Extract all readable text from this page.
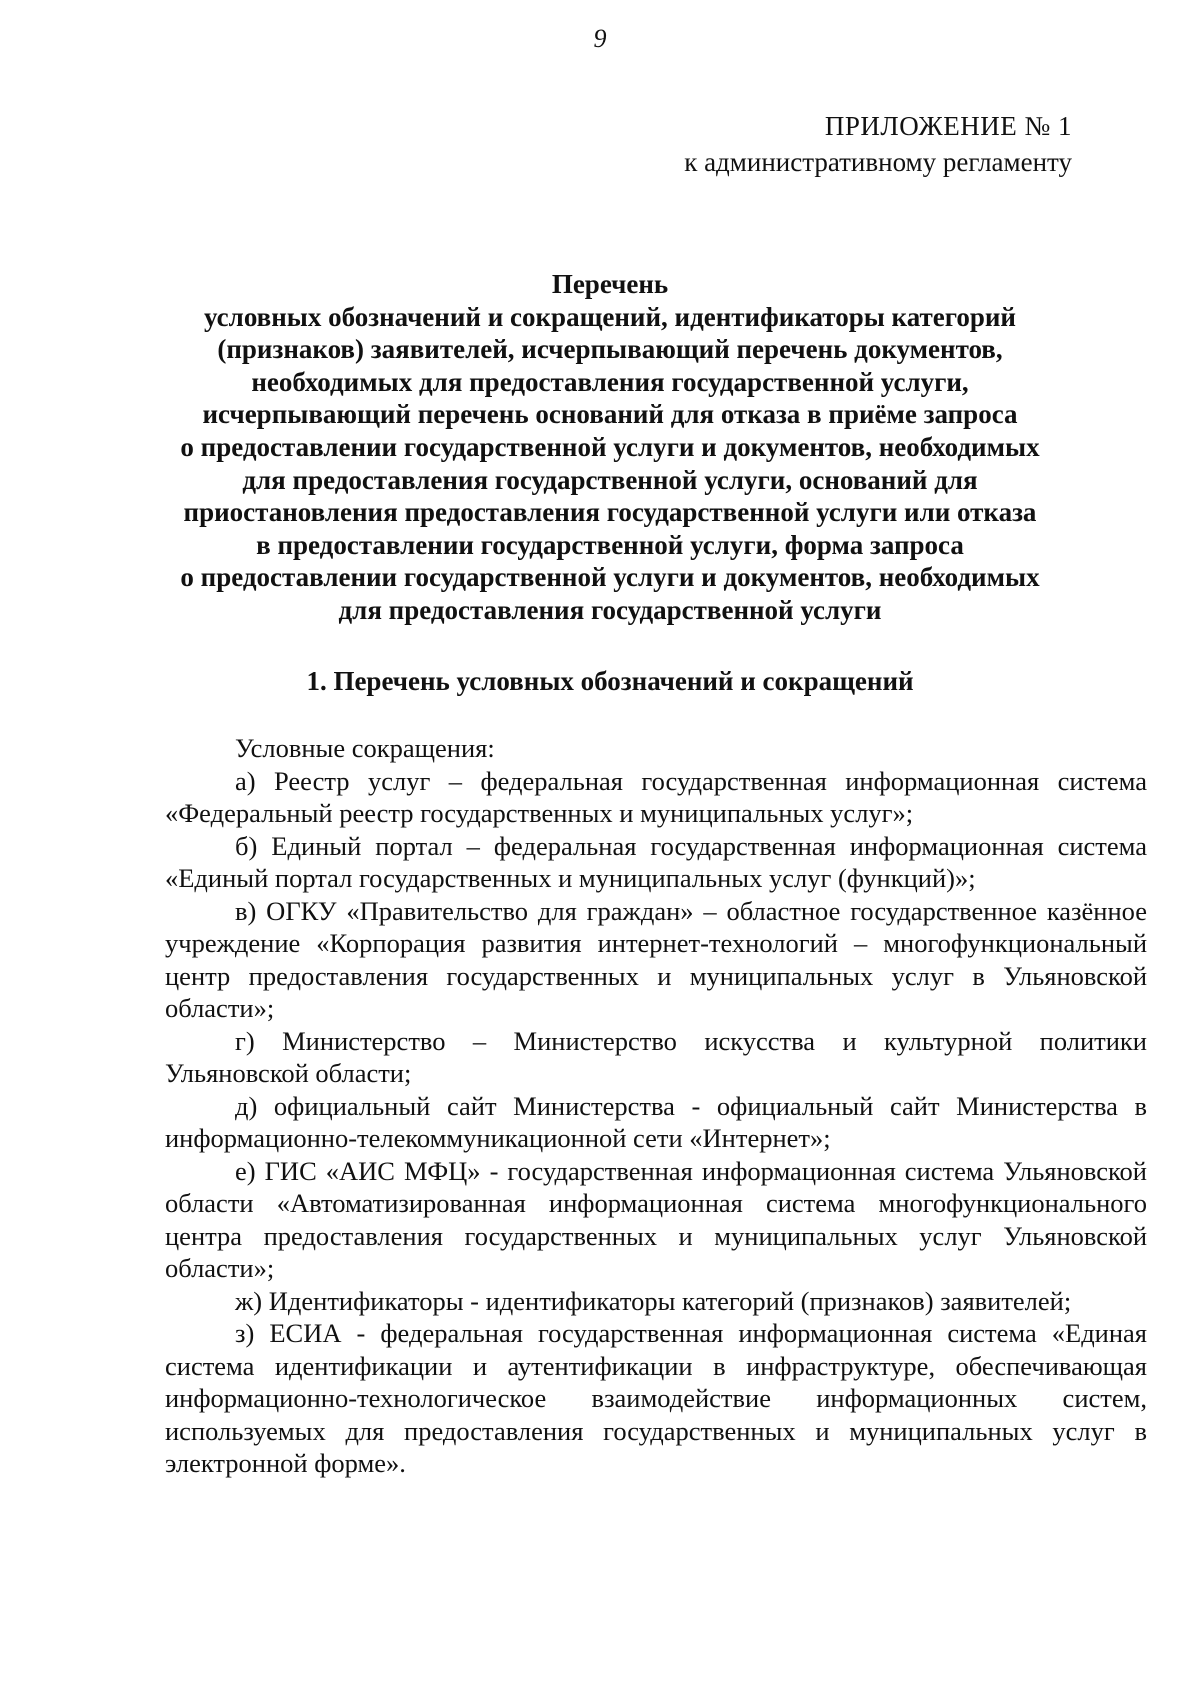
9
ПРИЛОЖЕНИЕ № 1
к административному регламенту
Перечень
условных обозначений и сокращений, идентификаторы категорий
(признаков) заявителей, исчерпывающий перечень документов,
необходимых для предоставления государственной услуги,
исчерпывающий перечень оснований для отказа в приёме запроса
о предоставлении государственной услуги и документов, необходимых
для предоставления государственной услуги, оснований для
приостановления предоставления государственной услуги или отказа
в предоставлении государственной услуги, форма запроса
о предоставлении государственной услуги и документов, необходимых
для предоставления государственной услуги
1. Перечень условных обозначений и сокращений

Условные сокращения:

а) Реестр услуг – федеральная государственная информационная система «Федеральный реестр государственных и муниципальных услуг»;

б) Единый портал – федеральная государственная информационная система «Единый портал государственных и муниципальных услуг (функций)»;

в) ОГКУ «Правительство для граждан» – областное государственное казённое учреждение «Корпорация развития интернет-технологий – многофункциональный центр предоставления государственных и муниципальных услуг в Ульяновской области»;

г) Министерство – Министерство искусства и культурной политики Ульяновской области;

д) официальный сайт Министерства - официальный сайт Министерства в информационно-телекоммуникационной сети «Интернет»;

е) ГИС «АИС МФЦ» - государственная информационная система Ульяновской области «Автоматизированная информационная система многофункционального центра предоставления государственных и муниципальных услуг Ульяновской области»;

ж) Идентификаторы - идентификаторы категорий (признаков) заявителей;

з) ЕСИА - федеральная государственная информационная система «Единая система идентификации и аутентификации в инфраструктуре, обеспечивающая информационно-технологическое взаимодействие информационных систем, используемых для предоставления государственных и муниципальных услуг в электронной форме».
